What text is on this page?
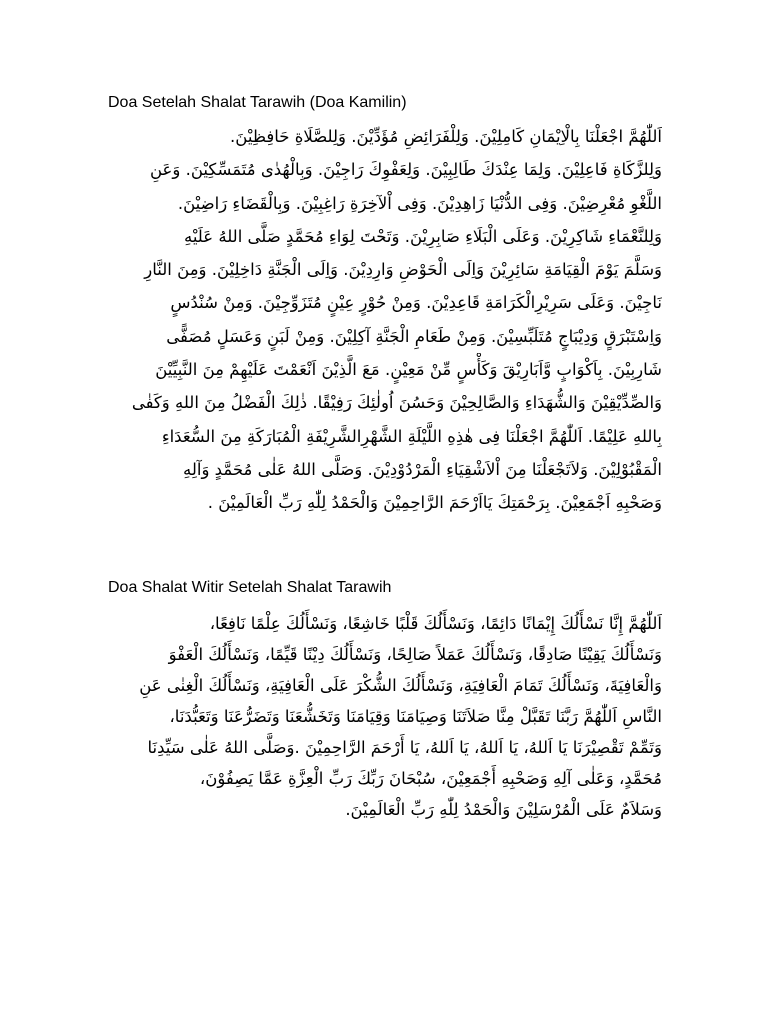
Doa Setelah Shalat Tarawih (Doa Kamilin)
اَللّٰهُمَّ اجْعَلْنَا بِالْاِيْمَانِ كَامِلِيْنَ. وَلِلْفَرَائِضِ مُؤَدِّيْنَ. وَلِلصَّلَاةِ حَافِظِيْنَ.
وَلِلزَّكَاةِ فَاعِلِيْنَ. وَلِمَا عِنْدَكَ طَالِبِيْنَ. وَلِعَفْوِكَ رَاجِيْنَ. وَبِالْهُدٰى مُتَمَسِّكِيْنَ. وَعَنِ
اللَّغْوِ مُعْرِضِيْنَ. وَفِى الدُّنْيَا زَاهِدِيْنَ. وَفِى اْلآخِرَةِ رَاغِبِيْنَ. وَبِالْقَضَاءِ رَاضِيْنَ.
وَلِلنَّعْمَاءِ شَاكِرِيْنَ. وَعَلَى الْبَلَاءِ صَابِرِيْنَ. وَتَحْتَ لِوَاءِ مُحَمَّدٍ صَلَّى اللهُ عَلَيْهِ
وَسَلَّمَ يَوْمَ الْقِيَامَةِ سَائِرِيْنَ وَاِلَى الْحَوْضِ وَارِدِيْنَ. وَاِلَى الْجَنَّةِ دَاخِلِيْنَ. وَمِنَ النَّارِ
نَاجِيْنَ. وَعَلَى سَرِيْرِالْكَرَامَةِ قَاعِدِيْنَ. وَمِنْ حُوْرٍ عِيْنٍ مُتَزَوِّجِيْنَ. وَمِنْ سُنْدُسٍ
وَاِسْتَبْرَقٍ وَدِيْبَاجٍ مُتَلَبِّسِيْنَ. وَمِنْ طَعَامِ الْجَنَّةِ آكِلِيْنَ. وَمِنْ لَبَنٍ وَعَسَلٍ مُصَفًّى
شَارِبِيْنَ. بِاَكْوَابٍ وَّاَبَارِيْقَ وَكَأْسٍ مِّنْ مَعِيْنٍ. مَعَ الَّذِيْنَ اَنْعَمْتَ عَلَيْهِمْ مِنَ النَّبِيِّيْنَ
وَالصِّدِّيْقِيْنَ وَالشُّهَدَاءِ وَالصَّالِحِيْنَ وَحَسُنَ اُولٰئِكَ رَفِيْقًا. ذٰلِكَ الْفَضْلُ مِنَ اللهِ وَكَفٰى
بِاللهِ عَلِيْمًا. اَللّٰهُمَّ اجْعَلْنَا فِى هٰذِهِ اللَّيْلَةِ الشَّهْرِالشَّرِيْفَةِ الْمُبَارَكَةِ مِنَ السُّعَدَاءِ
الْمَقْبُوْلِيْنَ. وَلاَتَجْعَلْنَا مِنَ اْلاَشْقِيَاءِ الْمَرْدُوْدِيْنَ. وَصَلَّى اللهُ عَلٰى مُحَمَّدٍ وَآلِهِ
وَصَحْبِهِ اَجْمَعِيْنَ. بِرَحْمَتِكَ يَااَرْحَمَ الرَّاحِمِيْنَ وَالْحَمْدُ لِلّٰهِ رَبِّ الْعَالَمِيْنَ .
Doa Shalat Witir Setelah Shalat Tarawih
اَللّٰهُمَّ إِنَّا نَسْأَلُكَ إِيْمَانًا دَائِمًا، وَنَسْأَلُكَ قَلْبًا خَاشِعًا، وَنَسْأَلُكَ عِلْمًا نَافِعًا،
وَنَسْأَلُكَ يَقِيْنًا صَادِقًا، وَنَسْأَلُكَ عَمَلاً صَالِحًا، وَنَسْأَلُكَ دِيْنًا قَيِّمًا، وَنَسْأَلُكَ الْعَفْوَ
وَالْعَافِيَةَ، وَنَسْأَلُكَ تَمَامَ الْعَافِيَةِ، وَنَسْأَلُكَ الشُّكْرَ عَلَى الْعَافِيَةِ، وَنَسْأَلُكَ الْغِنٰى عَنِ
النَّاسِ اَللّٰهُمَّ رَبَّنَا تَقَبَّلْ مِنَّا صَلاَتَنَا وَصِيَامَنَا وَقِيَامَنَا وَتَخَشُّعَنَا وَتَضَرُّعَنَا وَتَعَبُّدَنَا،
وَتَمِّمْ تَقْصِيْرَنَا يَا اَللهُ، يَا اَللهُ، يَا اَللهُ، يَا أَرْحَمَ الرَّاحِمِيْنَ .وَصَلَّى اللهُ عَلٰى سَيِّدِنَا
مُحَمَّدٍ، وَعَلٰى آلِهِ وَصَحْبِهِ أَجْمَعِيْنَ، سُبْحَانَ رَبِّكَ رَبِّ الْعِزَّةِ عَمَّا يَصِفُوْنَ،
وَسَلاَمٌ عَلَى الْمُرْسَلِيْنَ وَالْحَمْدُ لِلّٰهِ رَبِّ الْعَالَمِيْنَ.
